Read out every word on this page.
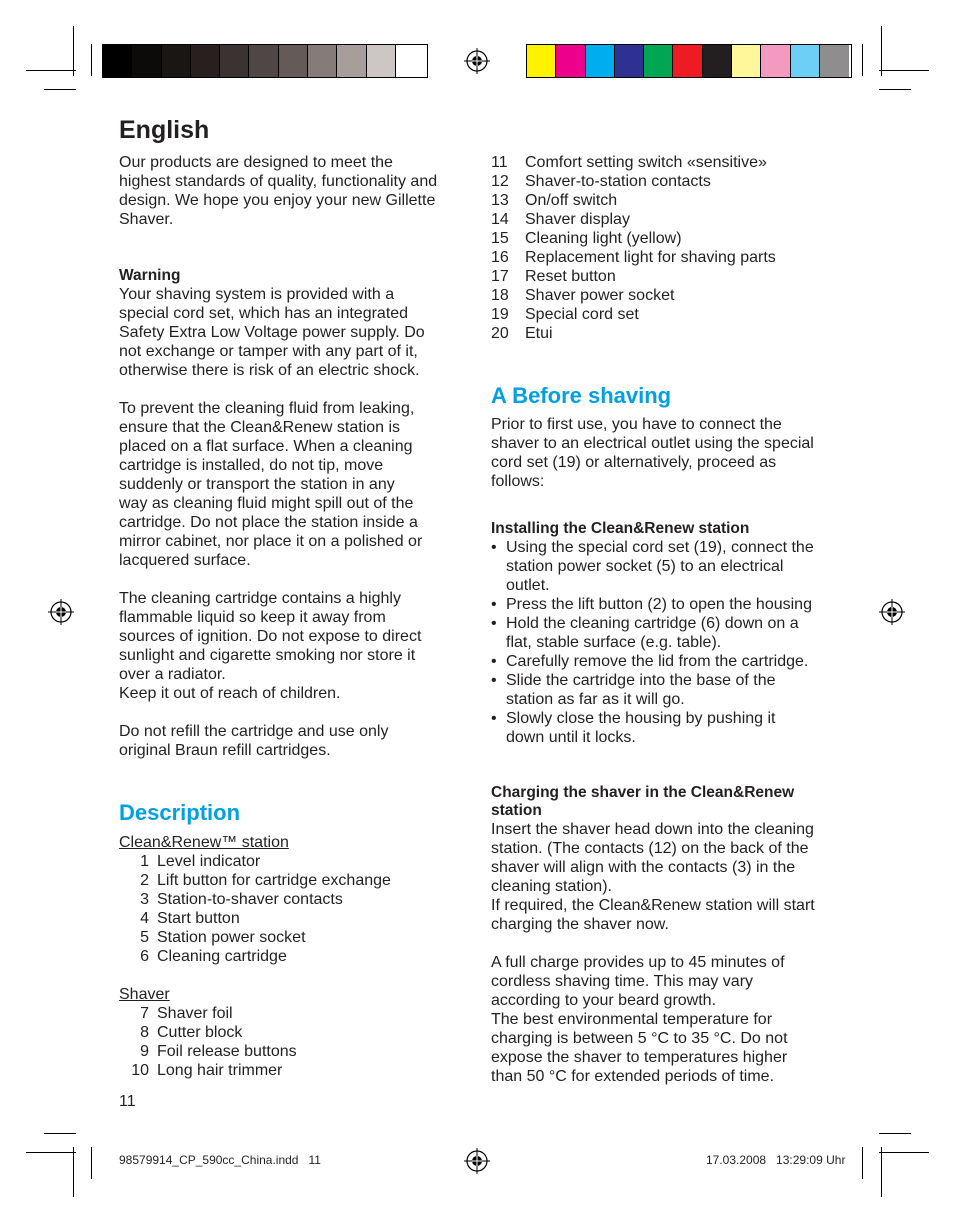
English

Our products are designed to meet the
highest standards of quality, functionality and
design. We hope you enjoy your new Gillette
Shaver.

Warning

Your shaving system is provided with a
special cord set, which has an integrated
Safety Extra Low Voltage power supply. Do
not exchange or tamper with any part of it,
otherwise there is risk of an electric shock.

To prevent the cleaning fluid from leaking,
ensure that the Clean&Renew station is
placed on a flat surface. When a cleaning
cartridge is installed, do not tip, move
suddenly or transport the station in any
way as cleaning fluid might spill out of the
cartridge. Do not place the station inside a
mirror cabinet, nor place it on a polished or
lacquered surface.

The cleaning cartridge contains a highly
flammable liquid so keep it away from
sources of ignition. Do not expose to direct
sunlight and cigarette smoking nor store it
over a radiator.
Keep it out of reach of children.

Do not refill the cartridge and use only
original Braun refill cartridges.

Description
Clean&Renew™ station
1 Level indicator
2 Lift button for cartridge exchange
3 Station-to-shaver contacts
4 Start button
5 Station power socket
6 Cleaning cartridge
Shaver
7 Shaver foil
8 Cutter block
9 Foil release buttons
10 Long hair trimmer
11
11	Comfort setting switch «sensitive»
12	Shaver-to-station contacts
13	On/off switch
14	Shaver display
15	Cleaning light (yellow)
16	Replacement light for shaving parts
17	Reset button
18	Shaver power socket
19	Special cord set
20	Etui
A Before shaving

Prior to first use, you have to connect the
shaver to an electrical outlet using the special
cord set (19) or alternatively, proceed as
follows:

Installing the Clean&Renew station
• Using the special cord set (19), connect the
station power socket (5) to an electrical
outlet.
• Press the lift button (2) to open the housing
• Hold the cleaning cartridge (6) down on a
flat, stable surface (e.g. table).
• Carefully remove the lid from the cartridge.
• Slide the cartridge into the base of the
station as far as it will go.
• Slowly close the housing by pushing it
down until it locks.
Charging the shaver in the Clean&Renew
station

Insert the shaver head down into the cleaning
station. (The contacts (12) on the back of the
shaver will align with the contacts (3) in the
cleaning station).
If required, the Clean&Renew station will start
charging the shaver now.

A full charge provides up to 45 minutes of
cordless shaving time. This may vary
according to your beard growth.
The best environmental temperature for
charging is between 5 °C to 35 °C. Do not
expose the shaver to temperatures higher
than 50 °C for extended periods of time.

98579914_CP_590cc_China.indd   11	17.03.2008   13:29:09 Uhr
